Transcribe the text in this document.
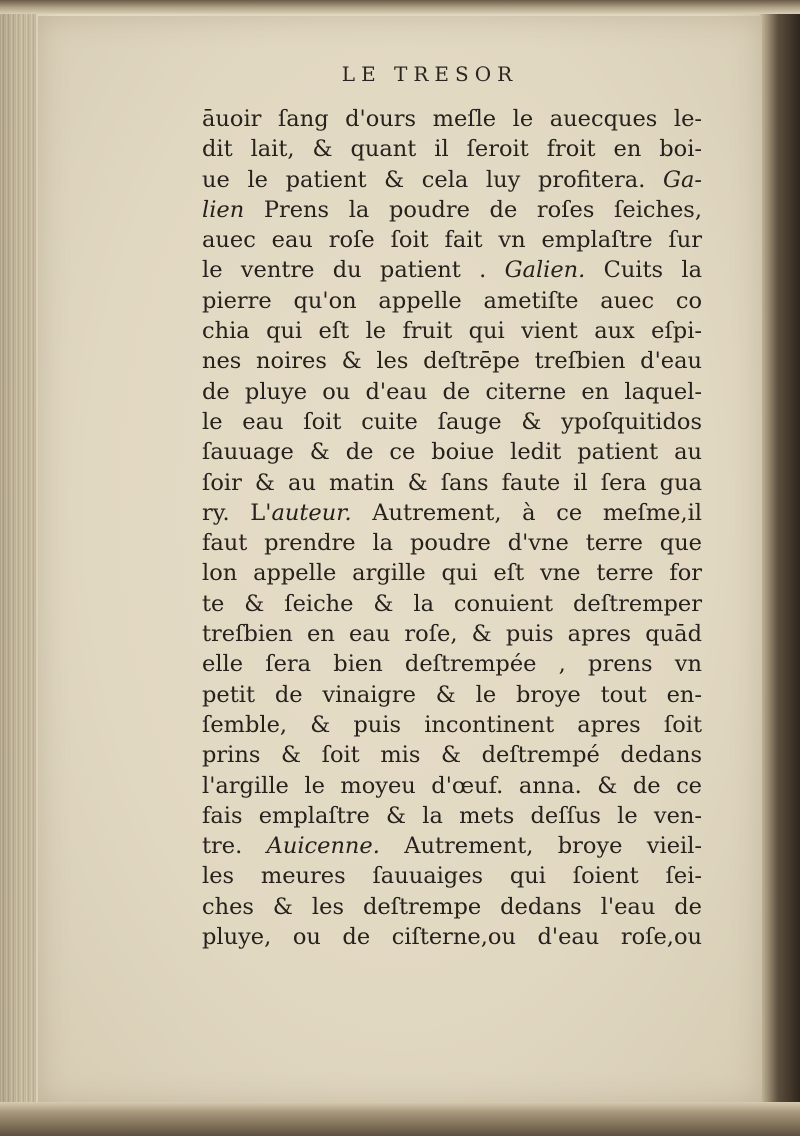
LE TRESOR
āuoir ſang d'ours meſle le auecques le-
dit lait, & quant il ſeroit froit en boi-
ue le patient & cela luy profitera. Ga-
lien Prens la poudre de roſes ſeiches,
auec eau roſe ſoit fait vn emplaſtre ſur
le ventre du patient . Galien. Cuits la
pierre qu'on appelle ametiſte auec co
chia qui eſt le fruit qui vient aux eſpi-
nes noires & les deſtrēpe treſbien d'eau
de pluye ou d'eau de citerne en laquel-
le eau ſoit cuite ſauge & ypoſquitidos
ſauuage & de ce boiue ledit patient au
ſoir & au matin & ſans faute il ſera gua
ry. L'auteur. Autrement, à ce meſme,il
faut prendre la poudre d'vne terre que
lon appelle argille qui eſt vne terre for
te & ſeiche & la conuient deſtremper
treſbien en eau roſe, & puis apres quād
elle ſera bien deſtrempée , prens vn
petit de vinaigre & le broye tout en-
ſemble, & puis incontinent apres ſoit
prins & ſoit mis & deſtrempé dedans
l'argille le moyeu d'œuf. anna. & de ce
fais emplaſtre & la mets deſſus le ven-
tre. Auicenne. Autrement, broye vieil-
les meures ſauuaiges qui ſoient ſei-
ches & les deſtrempe dedans l'eau de
pluye, ou de ciſterne,ou d'eau roſe,ou
